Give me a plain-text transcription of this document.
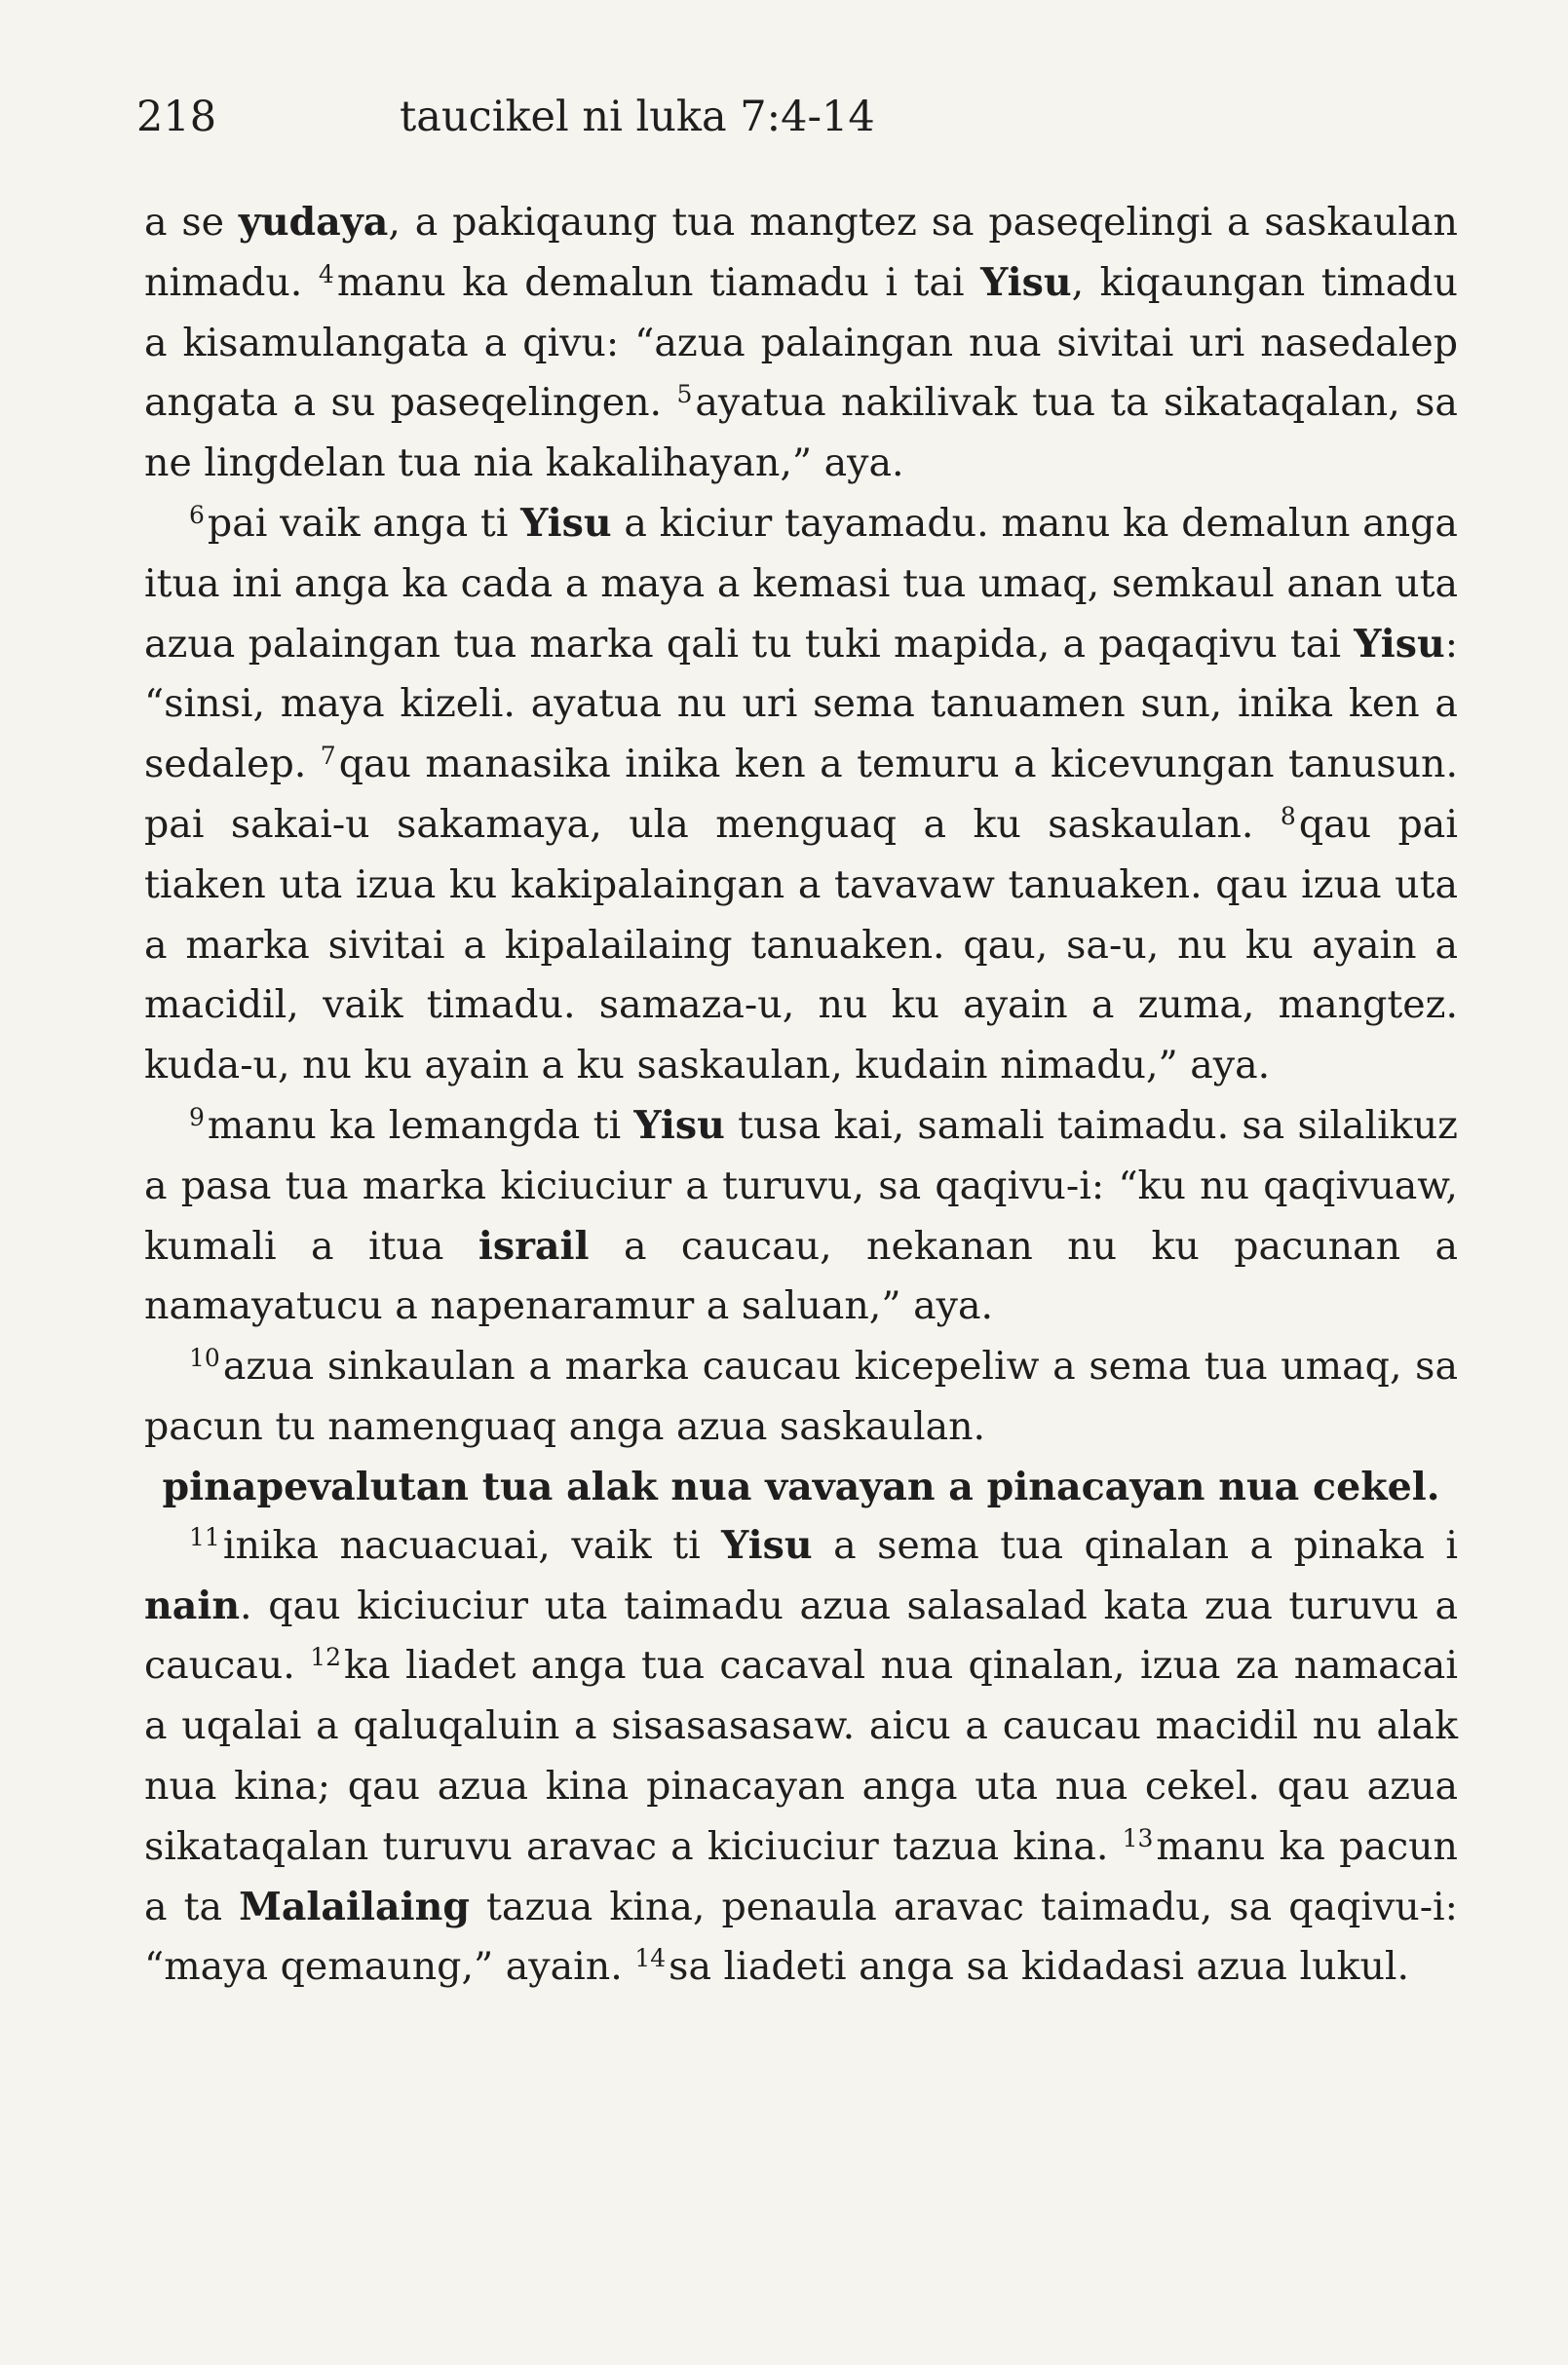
218	taucikel ni luka 7:4-14

a se yudaya, a pakiqaung tua mangtez sa paseqelingi a saskaulan nimadu. $^4$manu ka demalun tiamadu i tai Yisu, kiqaungan timadu a kisamulangata a qivu: “azua palaingan nua sivitai uri nasedalep angata a su paseqelingen. $^5$ayatua nakilivak tua ta sikataqalan, sa ne lingdelan tua nia kakalihayan,” aya.

$^6$pai vaik anga ti Yisu a kiciur tayamadu. manu ka demalun anga itua ini anga ka cada a maya a kemasi tua umaq, semkaul anan uta azua palaingan tua marka qali tu tuki mapida, a paqaqivu tai Yisu: “sinsi, maya kizeli. ayatua nu uri sema tanuamen sun, inika ken a sedalep. $^7$qau manasika inika ken a temuru a kicevungan tanusun. pai sakai-u sakamaya, ula menguaq a ku saskaulan. $^8$qau pai tiaken uta izua ku kakipalaingan a tavavaw tanuaken. qau izua uta a marka sivitai a kipalailaing tanuaken. qau, sa-u, nu ku ayain a macidil, vaik timadu. samaza-u, nu ku ayain a zuma, mangtez. kuda-u, nu ku ayain a ku saskaulan, kudain nimadu,” aya.

$^9$manu ka lemangda ti Yisu tusa kai, samali taimadu. sa silalikuz a pasa tua marka kiciuciur a turuvu, sa qaqivu-i: “ku nu qaqivuaw, kumali a itua israil a caucau, nekanan nu ku pacunan a namayatucu a napenaramur a saluan,” aya.

$^{10}$azua sinkaulan a marka caucau kicepeliw a sema tua umaq, sa pacun tu namenguaq anga azua saskaulan.

pinapevalutan tua alak nua vavayan a pinacayan nua cekel.

$^{11}$inika nacuacuai, vaik ti Yisu a sema tua qinalan a pinaka i nain. qau kiciuciur uta taimadu azua salasalad kata zua turuvu a caucau. $^{12}$ka liadet anga tua cacaval nua qinalan, izua za namacai a uqalai a qaluqaluin a sisasasasaw. aicu a caucau macidil nu alak nua kina; qau azua kina pinacayan anga uta nua cekel. qau azua sikataqalan turuvu aravac a kiciuciur tazua kina. $^{13}$manu ka pacun a ta Malailaing tazua kina, penaula aravac taimadu, sa qaqivu-i: “maya qemaung,” ayain. $^{14}$sa liadeti anga sa kidadasi azua lukul.
